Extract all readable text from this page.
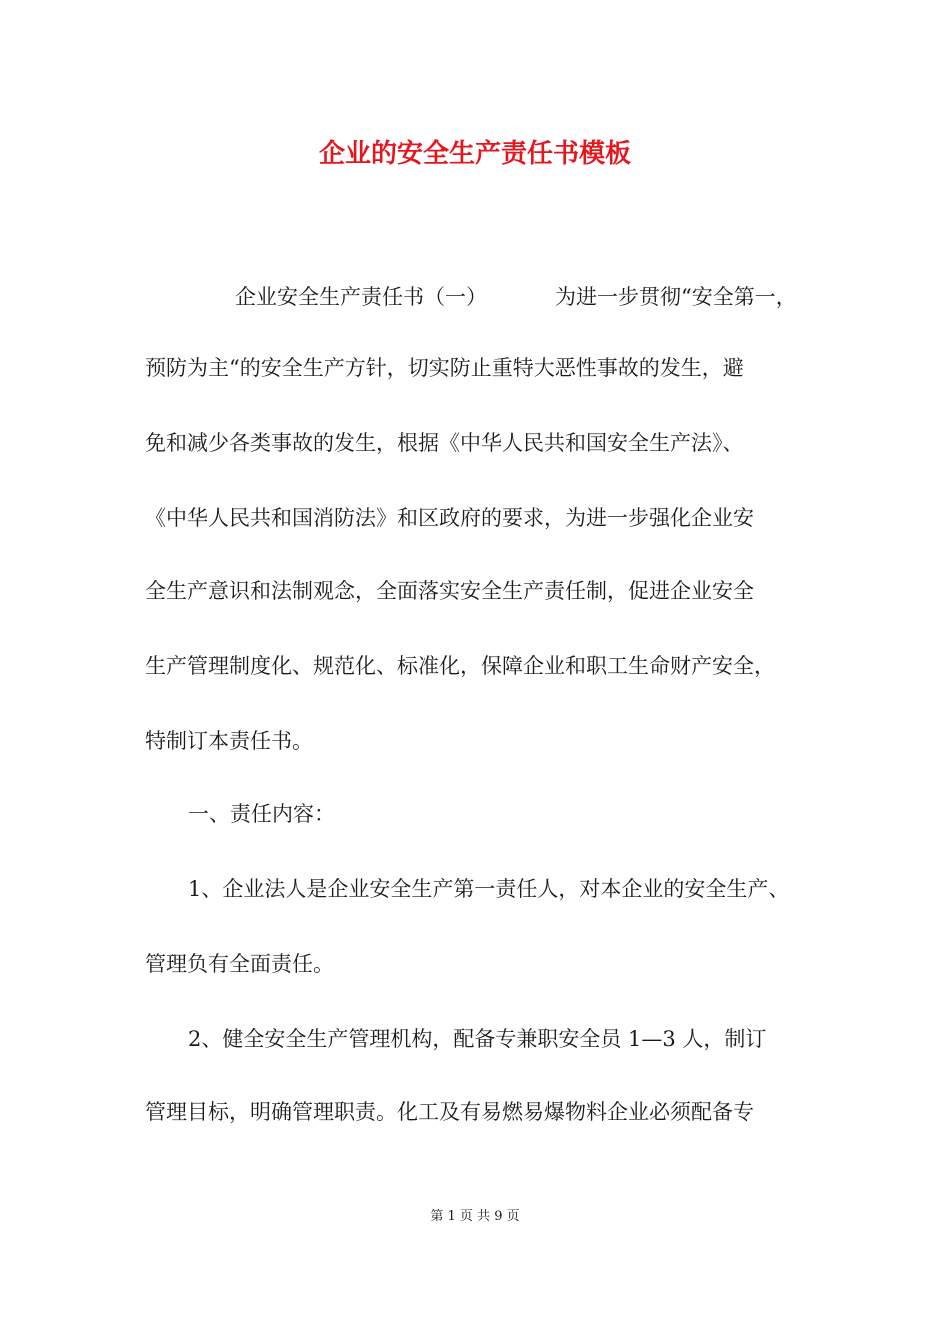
企业的安全生产责任书模板
企业安全生产责任书（一）	为进一步贯彻“安全第一，
预防为主“的安全生产方针，切实防止重特大恶性事故的发生，避
免和减少各类事故的发生，根据《中华人民共和国安全生产法》、
《中华人民共和国消防法》和区政府的要求，为进一步强化企业安
全生产意识和法制观念，全面落实安全生产责任制，促进企业安全
生产管理制度化、规范化、标准化，保障企业和职工生命财产安全，
特制订本责任书。
一、责任内容：
1、企业法人是企业安全生产第一责任人，对本企业的安全生产、
管理负有全面责任。
2、健全安全生产管理机构，配备专兼职安全员 1—3 人，制订
管理目标，明确管理职责。化工及有易燃易爆物料企业必须配备专
第 1 页 共 9 页
